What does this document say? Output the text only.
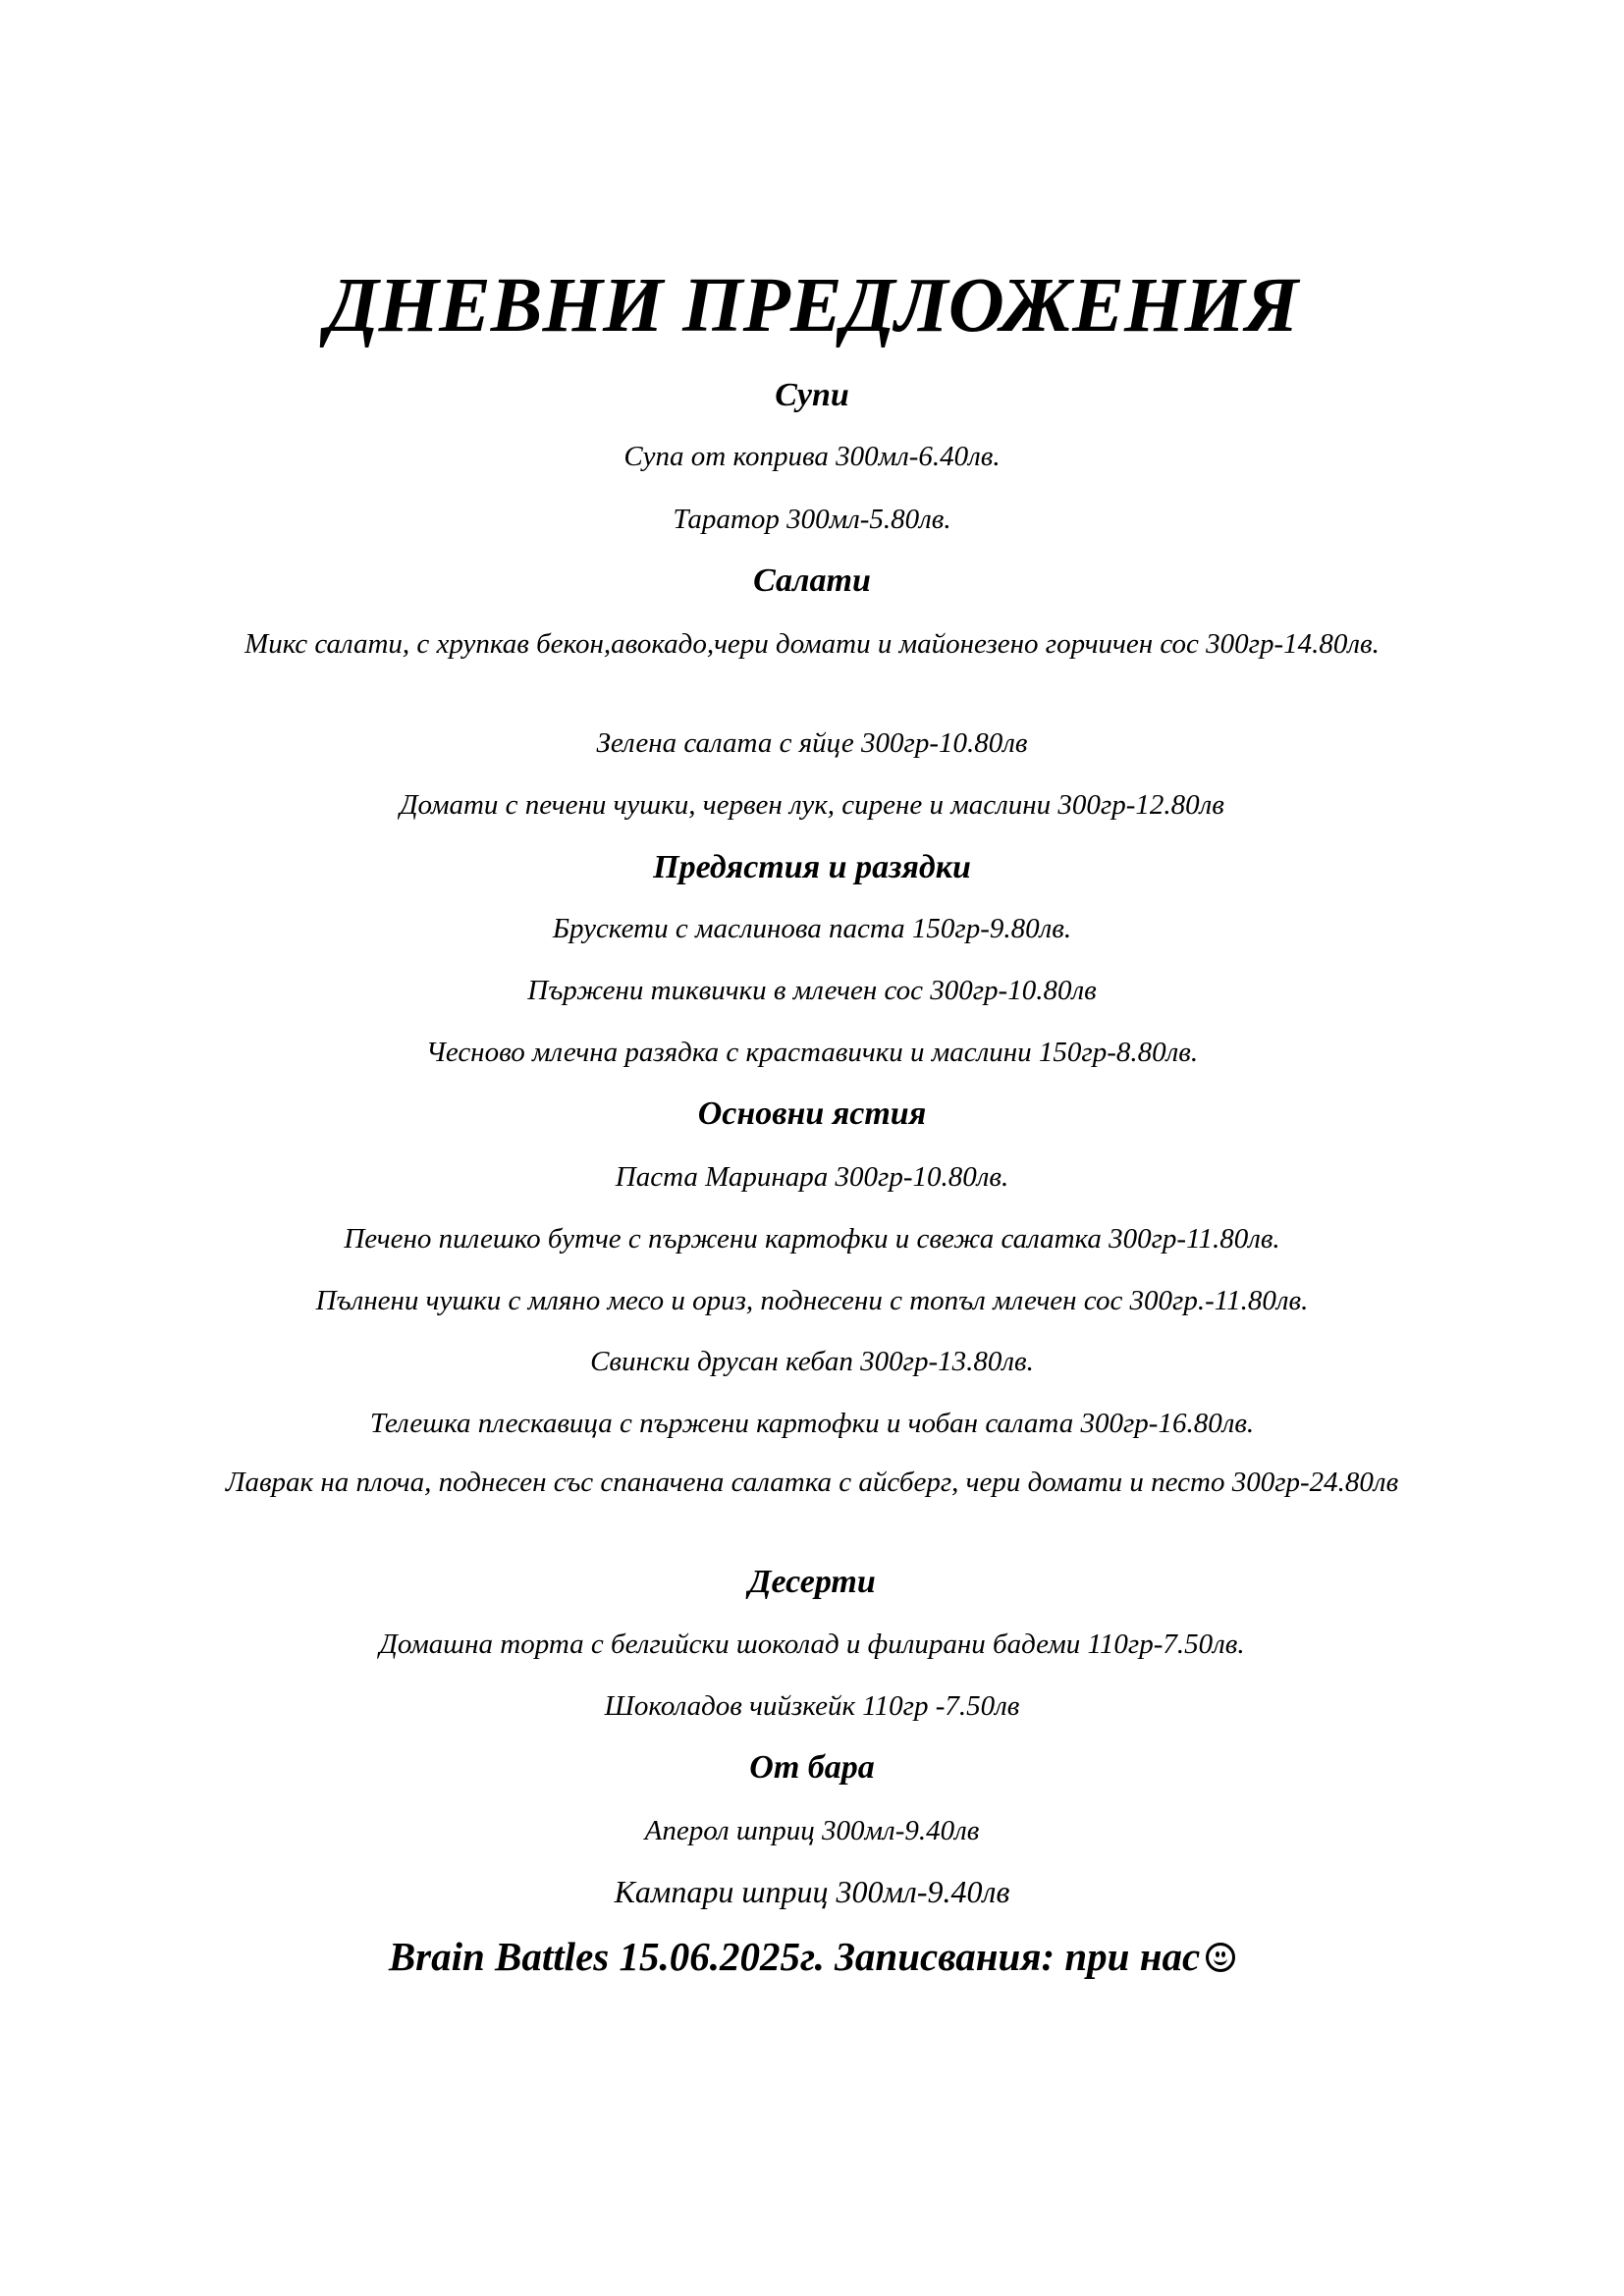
ДНЕВНИ ПРЕДЛОЖЕНИЯ
Супи

Супа от коприва 300мл-6.40лв.

Таратор 300мл-5.80лв.

Салати

Микс салати, с хрупкав бекон,авокадо,чери домати и майонезено горчичен сос 300гр-14.80лв.

Зелена салата с яйце 300гр-10.80лв

Домати с печени чушки, червен лук, сирене и маслини 300гр-12.80лв

Предястия и разядки

Брускети с маслинова паста 150гр-9.80лв.

Пържени тиквички в млечен сос 300гр-10.80лв

Чесново млечна разядка с краставички и маслини 150гр-8.80лв.

Основни ястия

Паста Маринара 300гр-10.80лв.

Печено пилешко бутче с пържени картофки и свежа салатка 300гр-11.80лв.

Пълнени чушки с мляно месо и ориз, поднесени с топъл млечен сос 300гр.-11.80лв.

Свински друсан кебап 300гр-13.80лв.

Телешка плескавица с пържени картофки и чобан салата 300гр-16.80лв.

Лаврак на плоча, поднесен със спаначена салатка с айсберг, чери домати и песто 300гр-24.80лв

Десерти

Домашна торта с белгийски шоколад и филирани бадеми 110гр-7.50лв.

Шоколадов чийзкейк 110гр -7.50лв

От бара

Аперол шприц 300мл-9.40лв

Кампари шприц 300мл-9.40лв

Brain Battles 15.06.2025г. Записвания: при нас
